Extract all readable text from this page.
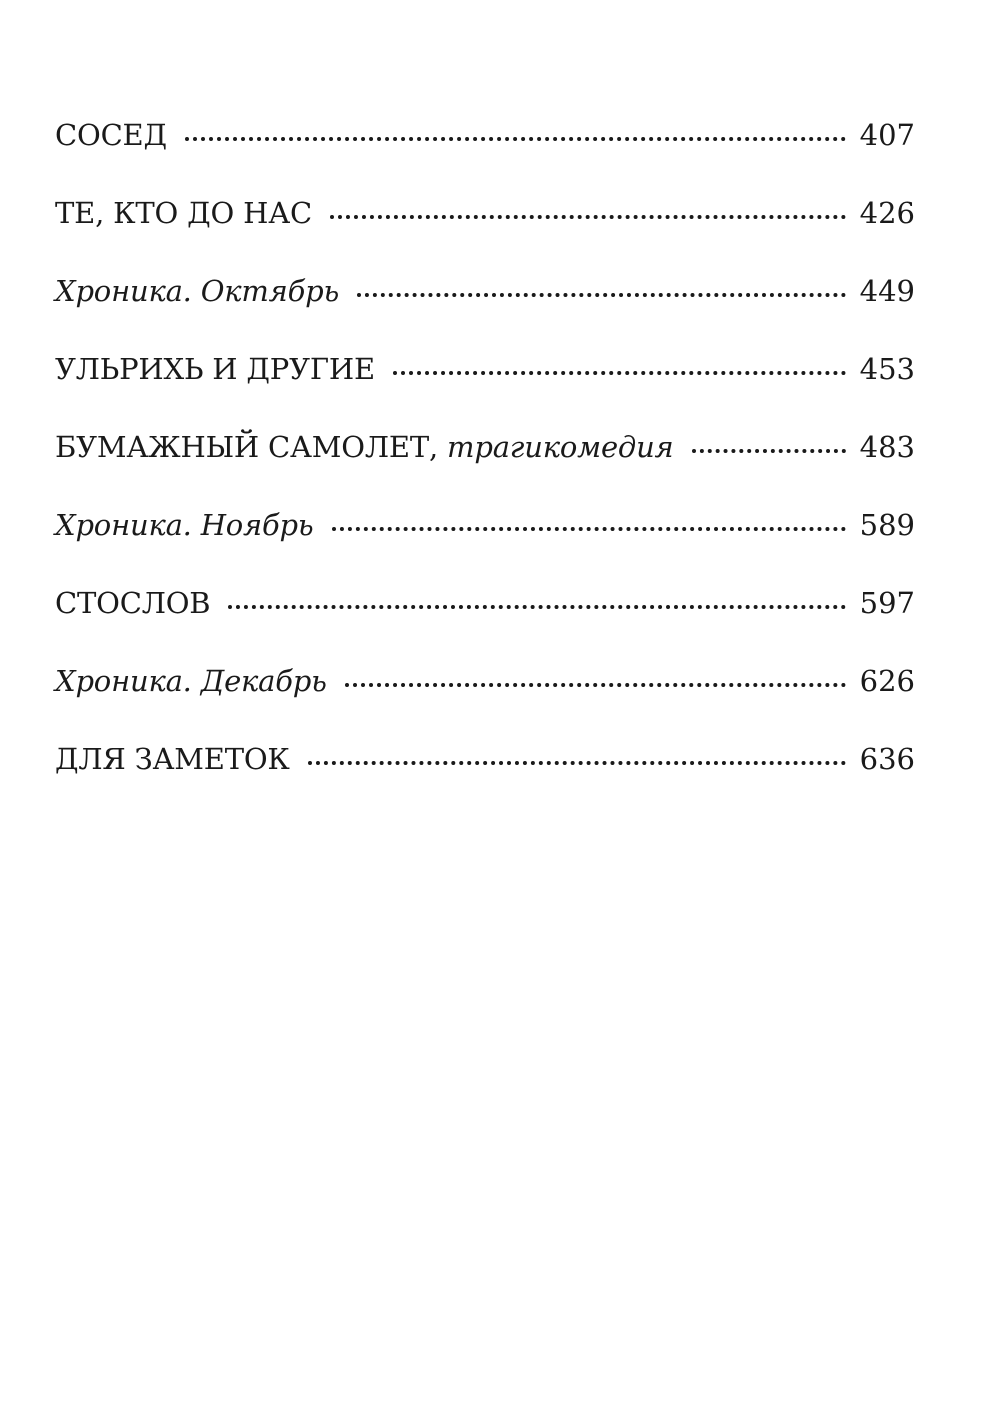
СОСЕД	407
ТЕ, КТО ДО НАС	426
Хроника. Октябрь	449
УЛЬРИХЬ И ДРУГИЕ	453
БУМАЖНЫЙ САМОЛЕТ, трагикомедия	483
Хроника. Ноябрь	589
СТОСЛОВ	597
Хроника. Декабрь	626
ДЛЯ ЗАМЕТОК	636
